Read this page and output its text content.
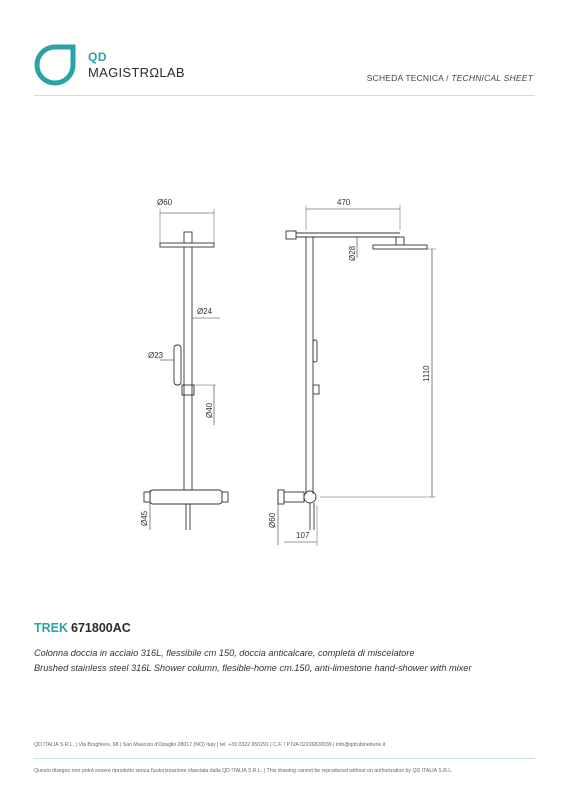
QD
MAGISTRΩLAB	SCHEDA TECNICA / TECHNICAL SHEET
Ø60
Ø24
Ø23
Ø40
Ø45
470
Ø28
1110
Ø60
107
TREK 671800AC
Colonna doccia in acciaio 316L, flessibile cm 150, doccia anticalcare, completa di miscelatore
Brushed stainless steel 316L Shower column, flesible-home cm.150, anti-limestone hand-shower with mixer
QD ITALIA S.R.L. | Via Brughiere, 68 | San Maurizio d'Opaglio 28017 (NO) Italy | tel. +39 0322 950291 | C.F. / P.IVA 02226820039 | info@qdrubinetterie.it
Questo disegno non potrà essere riprodotto senza l'autorizzazione rilasciata dalla QD ITALIA S.R.L. | This drawing cannot be reproduced without on authorization by QD ITALIA S.R.L.
